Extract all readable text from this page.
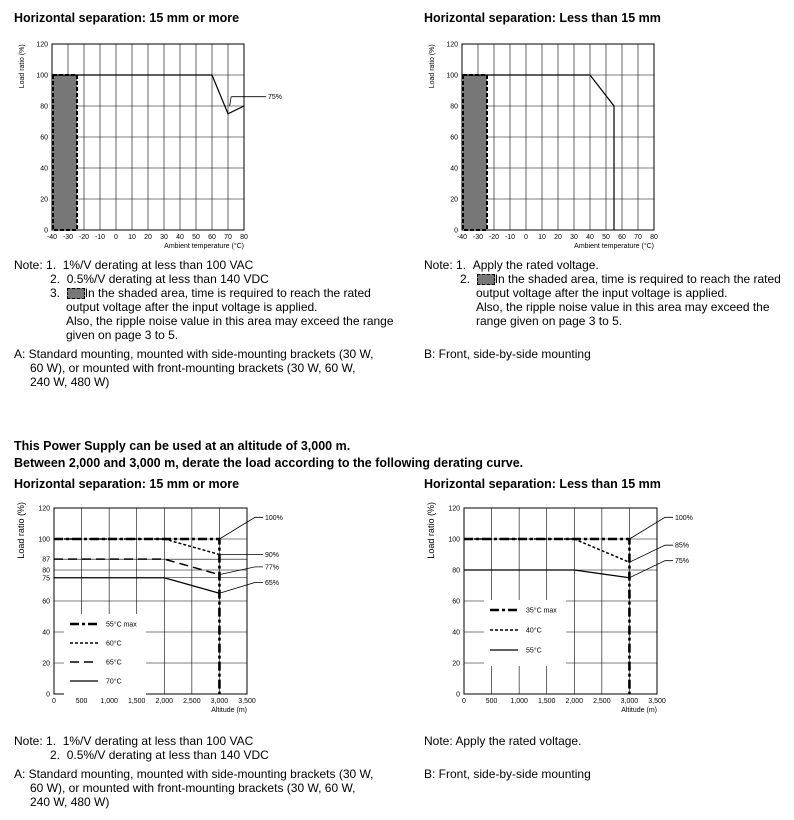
Horizontal separation: 15 mm or more	Horizontal separation: Less than 15 mm
-40 -30 -20 -10 0 10 20 30 40 50 60 70 80
0
20
40
60
80
100
120
Ambient temperature (°C)
Load ratio (%)
75%
-40 -30 -20 -10 0 10 20 30 40 50 60 70 80
0
20
40
60
80
100
120
Ambient temperature (°C)
Load ratio (%)
Note: 1. 1%/V derating at less than 100 VAC
2. 0.5%/V derating at less than 140 VDC
3. In the shaded area, time is required to reach the rated
output voltage after the input voltage is applied.
Also, the ripple noise value in this area may exceed the range
given on page 3 to 5.
A: Standard mounting, mounted with side-mounting brackets (30 W,
60 W), or mounted with front-mounting brackets (30 W, 60 W,
240 W, 480 W)
Note: 1. Apply the rated voltage.
2. In the shaded area, time is required to reach the rated
output voltage after the input voltage is applied.
Also, the ripple noise value in this area may exceed the
range given on page 3 to 5.
B: Front, side-by-side mounting
This Power Supply can be used at an altitude of 3,000 m.
Between 2,000 and 3,000 m, derate the load according to the following derating curve.
Horizontal separation: 15 mm or more	Horizontal separation: Less than 15 mm
0	500 1,000 1,500 2,000 2,500 3,000 3,500
0
20
40
60
75
80
87
100
120
Altitude (m)
Load ratio (%)	100%
90%
77%
65%
55°C max
60°C
65°C
70°C
0	500 1,000 1,500 2,000 2,500 3,000 3,500
0
20
40
60
80
100
120
Altitude (m)
Load ratio (%)	100%
85%
75%
35°C max
40°C
55°C
Note: 1. 1%/V derating at less than 100 VAC
2. 0.5%/V derating at less than 140 VDC
A: Standard mounting, mounted with side-mounting brackets (30 W,
60 W), or mounted with front-mounting brackets (30 W, 60 W,
240 W, 480 W)
Note: Apply the rated voltage.
B: Front, side-by-side mounting
